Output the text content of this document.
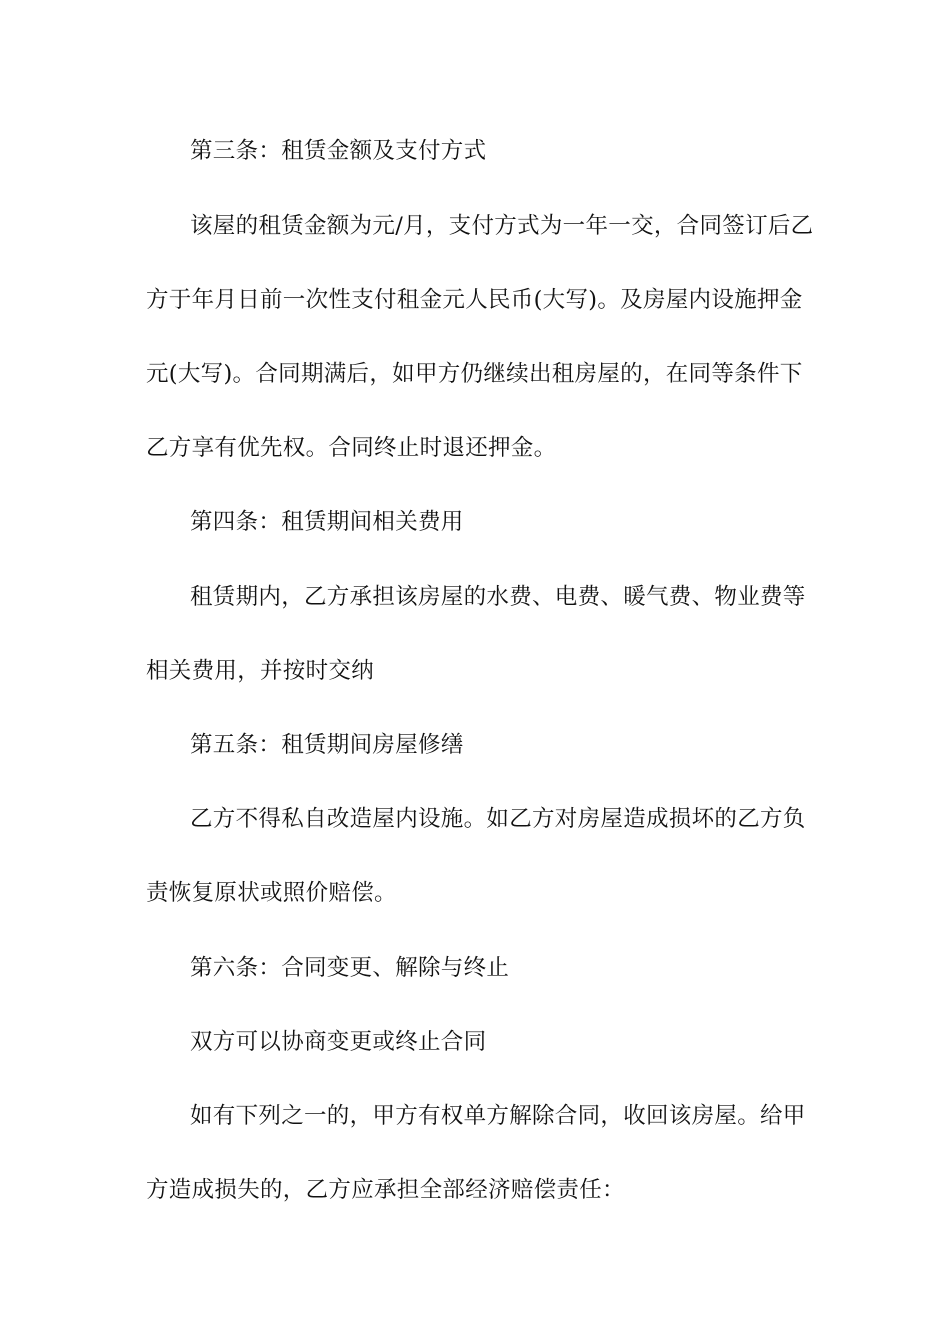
第三条：租赁金额及支付方式
该屋的租赁金额为元/月，支付方式为一年一交，合同签订后乙
方于年月日前一次性支付租金元人民币(大写)。及房屋内设施押金
元(大写)。合同期满后，如甲方仍继续出租房屋的，在同等条件下
乙方享有优先权。合同终止时退还押金。
第四条：租赁期间相关费用
租赁期内，乙方承担该房屋的水费、电费、暖气费、物业费等
相关费用，并按时交纳
第五条：租赁期间房屋修缮
乙方不得私自改造屋内设施。如乙方对房屋造成损坏的乙方负
责恢复原状或照价赔偿。
第六条：合同变更、解除与终止
双方可以协商变更或终止合同
如有下列之一的，甲方有权单方解除合同，收回该房屋。给甲
方造成损失的，乙方应承担全部经济赔偿责任：
